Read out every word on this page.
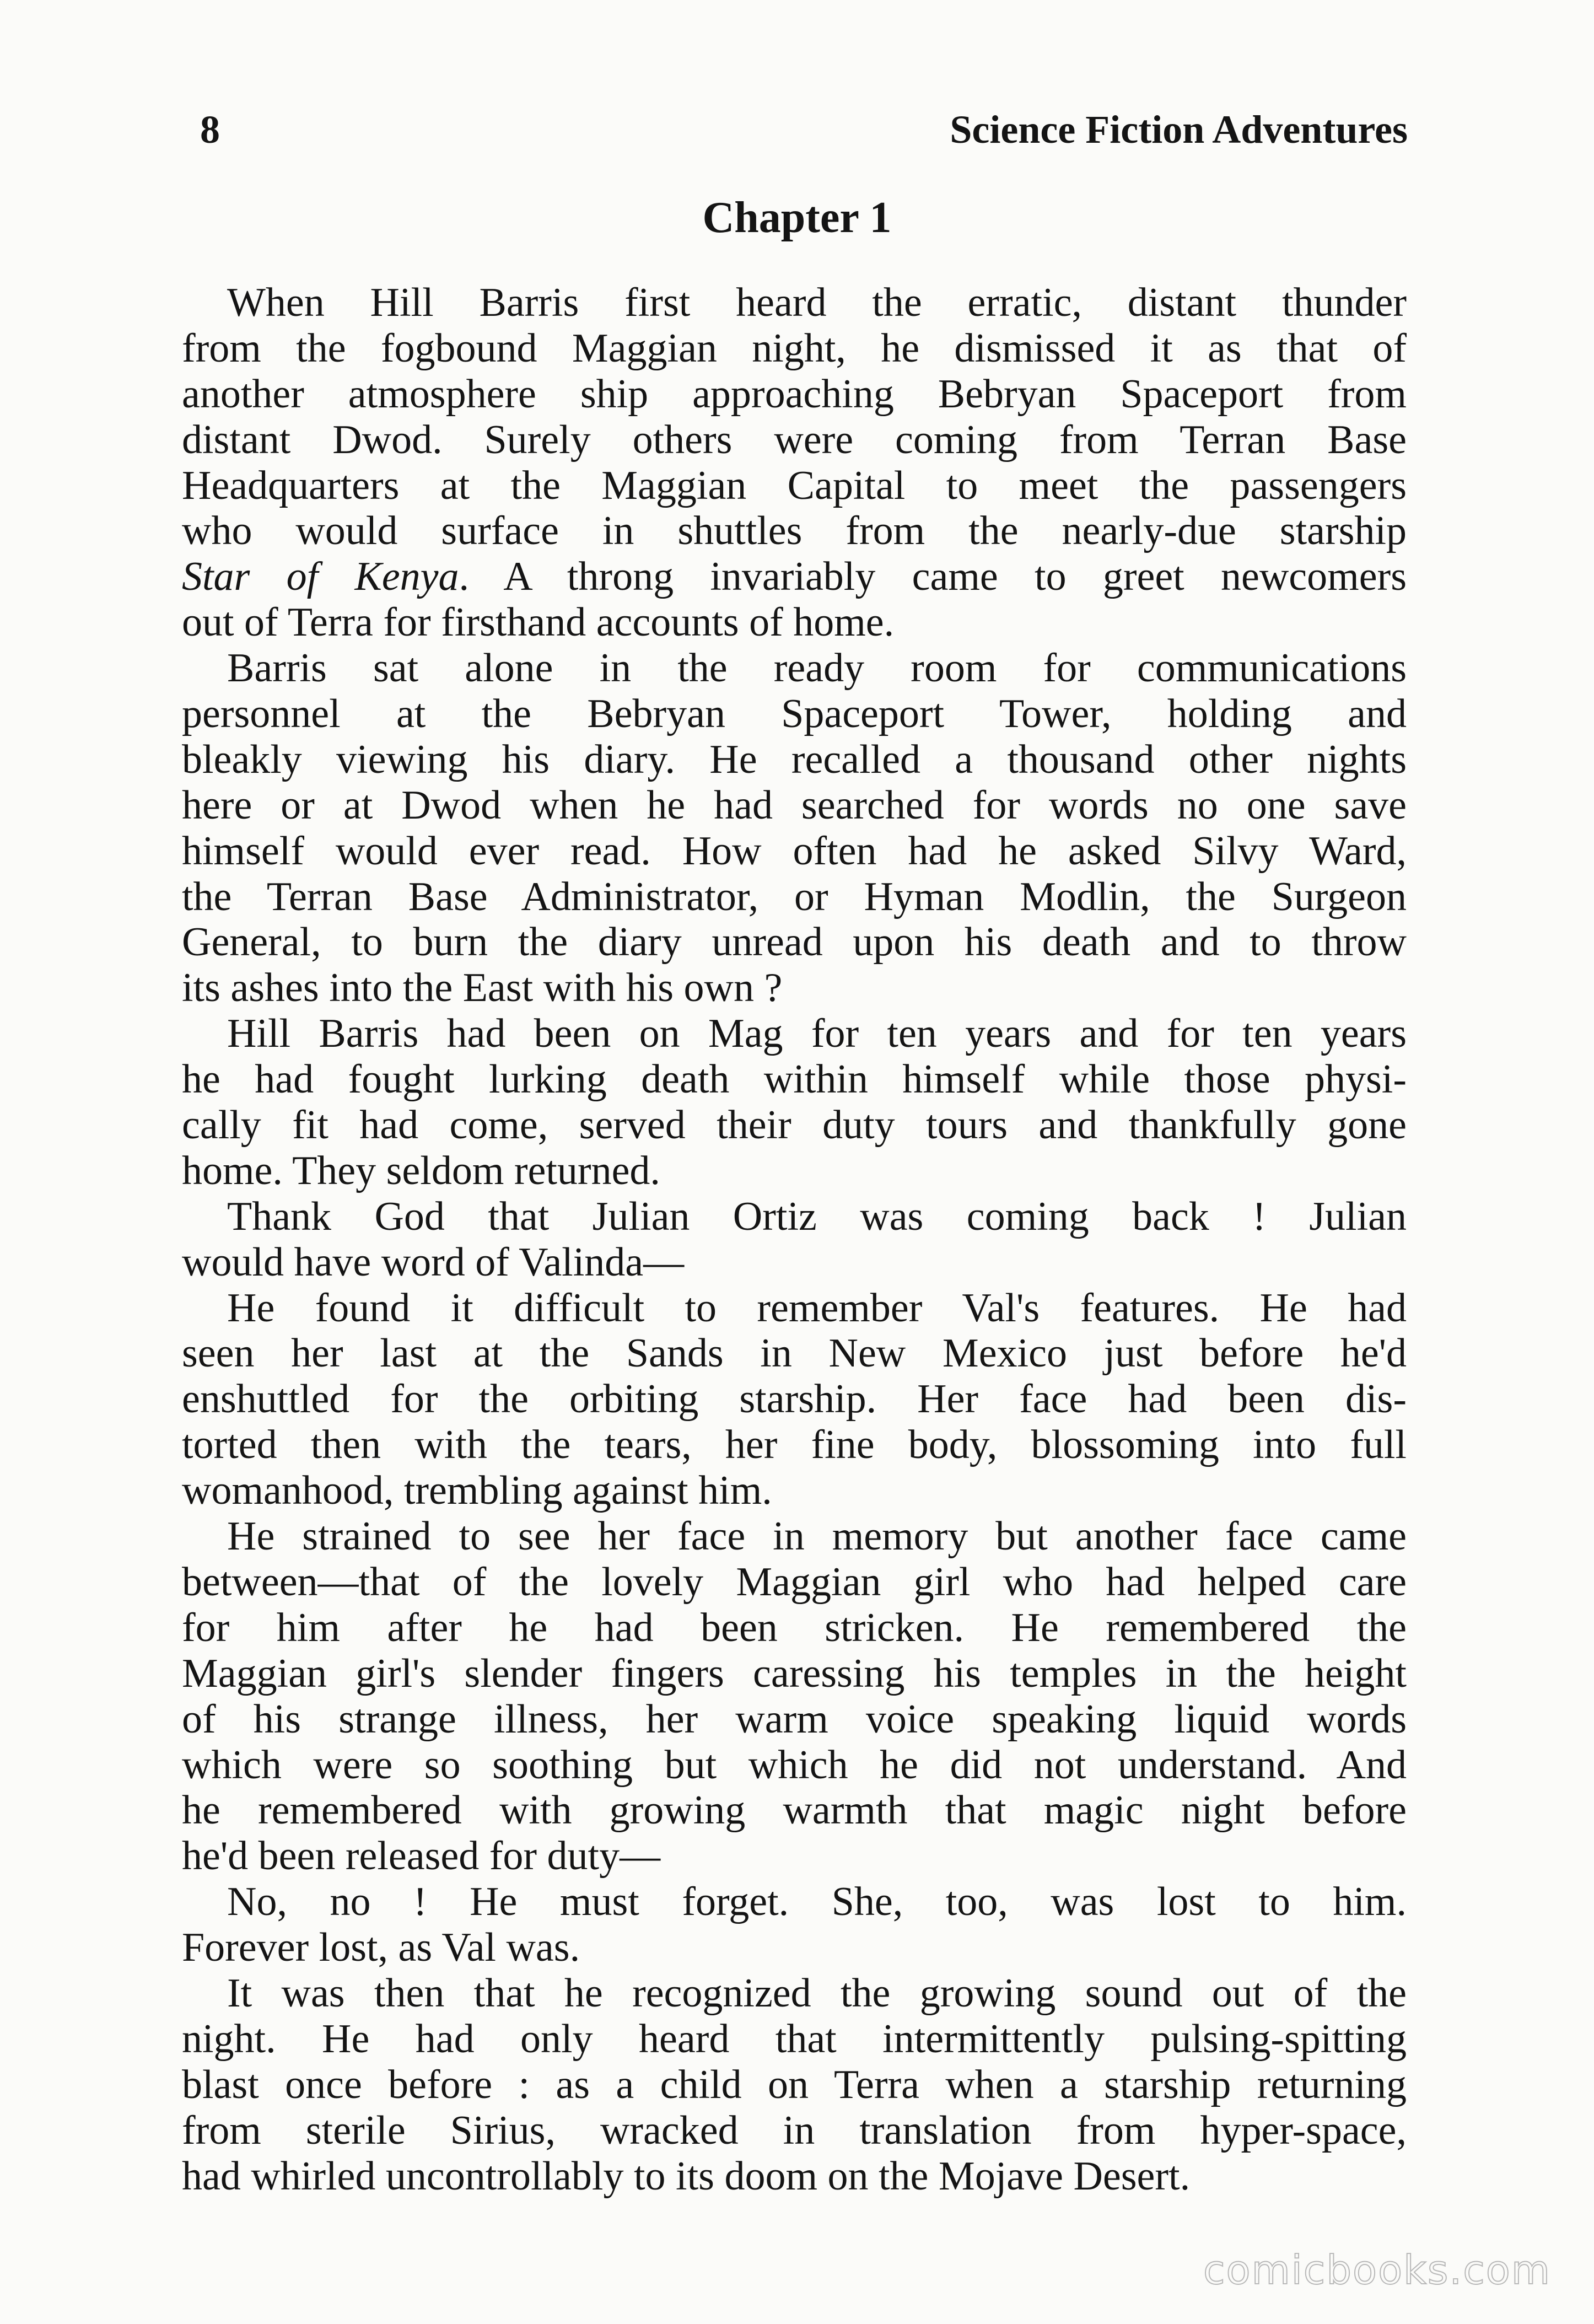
8	Science Fiction Adventures
Chapter 1
When Hill Barris first heard the erratic, distant thunder
from the fogbound Maggian night, he dismissed it as that of
another atmosphere ship approaching Bebryan Spaceport from
distant Dwod. Surely others were coming from Terran Base
Headquarters at the Maggian Capital to meet the passengers
who would surface in shuttles from the nearly-due starship
Star of Kenya. A throng invariably came to greet newcomers
out of Terra for firsthand accounts of home.
Barris sat alone in the ready room for communications
personnel at the Bebryan Spaceport Tower, holding and
bleakly viewing his diary. He recalled a thousand other nights
here or at Dwod when he had searched for words no one save
himself would ever read. How often had he asked Silvy Ward,
the Terran Base Administrator, or Hyman Modlin, the Surgeon
General, to burn the diary unread upon his death and to throw
its ashes into the East with his own ?
Hill Barris had been on Mag for ten years and for ten years
he had fought lurking death within himself while those physi-
cally fit had come, served their duty tours and thankfully gone
home. They seldom returned.
Thank God that Julian Ortiz was coming back ! Julian
would have word of Valinda—
He found it difficult to remember Val's features. He had
seen her last at the Sands in New Mexico just before he'd
enshuttled for the orbiting starship. Her face had been dis-
torted then with the tears, her fine body, blossoming into full
womanhood, trembling against him.
He strained to see her face in memory but another face came
between—that of the lovely Maggian girl who had helped care
for him after he had been stricken. He remembered the
Maggian girl's slender fingers caressing his temples in the height
of his strange illness, her warm voice speaking liquid words
which were so soothing but which he did not understand. And
he remembered with growing warmth that magic night before
he'd been released for duty—
No, no ! He must forget. She, too, was lost to him.
Forever lost, as Val was.
It was then that he recognized the growing sound out of the
night. He had only heard that intermittently pulsing-spitting
blast once before : as a child on Terra when a starship returning
from sterile Sirius, wracked in translation from hyper-space,
had whirled uncontrollably to its doom on the Mojave Desert.
comicbooks.com
